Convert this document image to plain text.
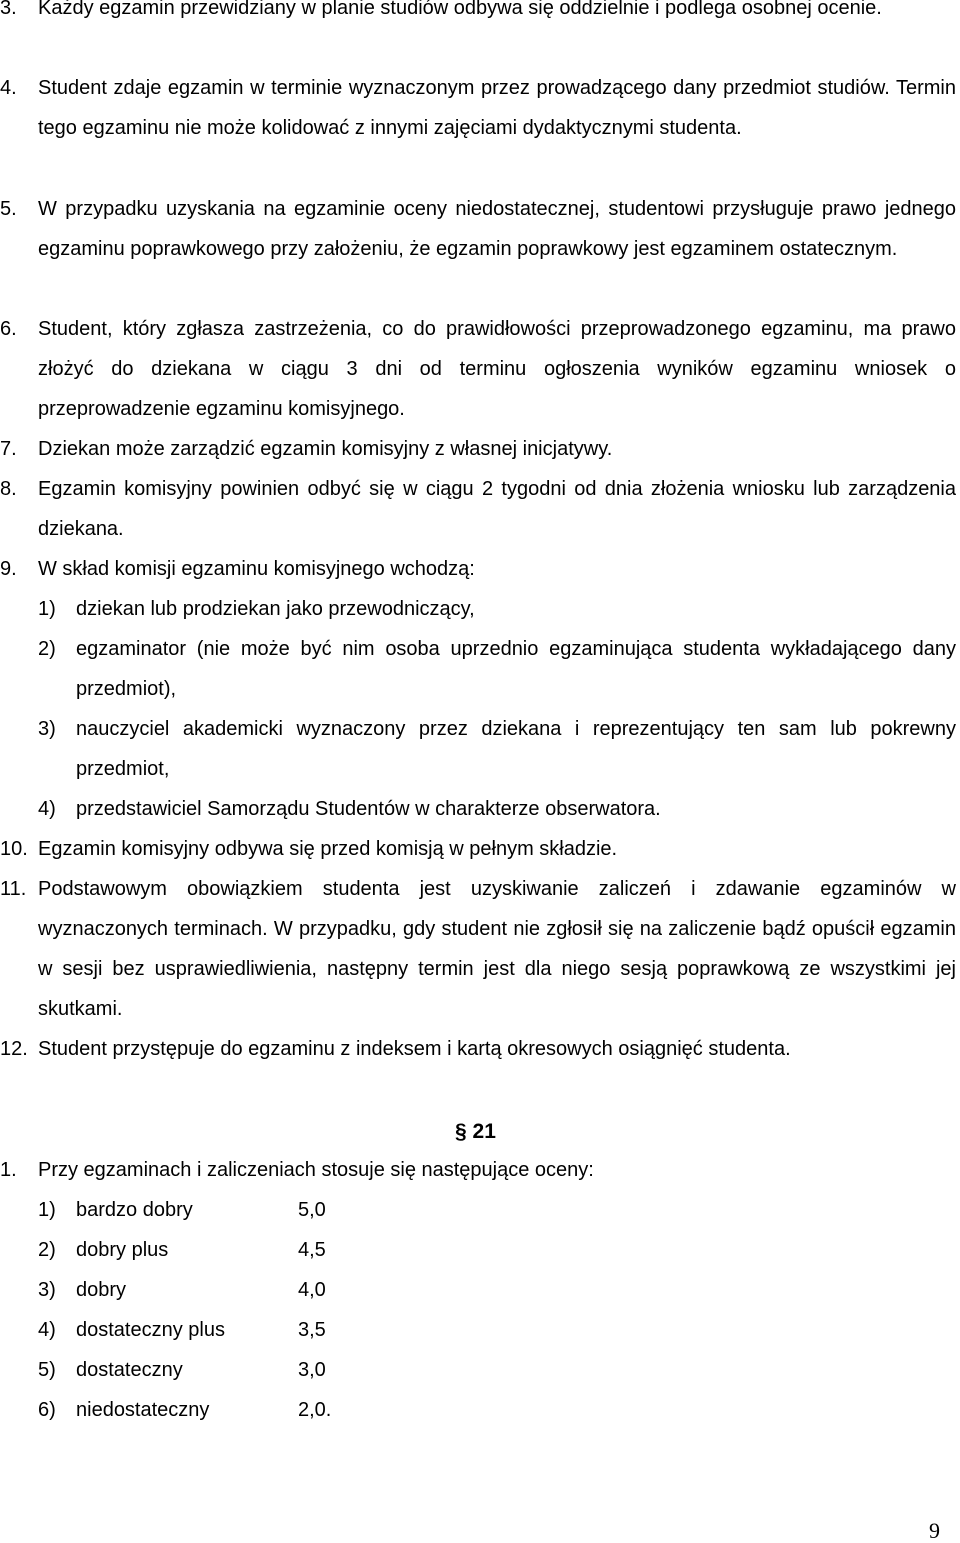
3. Każdy egzamin przewidziany w planie studiów odbywa się oddzielnie i podlega osobnej ocenie.
4. Student zdaje egzamin w terminie wyznaczonym przez prowadzącego dany przedmiot studiów. Termin tego egzaminu nie może kolidować z innymi zajęciami dydaktycznymi studenta.
5. W przypadku uzyskania na egzaminie oceny niedostatecznej, studentowi przysługuje prawo jednego egzaminu poprawkowego przy założeniu, że egzamin poprawkowy jest egzaminem ostatecznym.
6. Student, który zgłasza zastrzeżenia, co do prawidłowości przeprowadzonego egzaminu, ma prawo złożyć do dziekana w ciągu 3 dni od terminu ogłoszenia wyników egzaminu wniosek o przeprowadzenie egzaminu komisyjnego.
7. Dziekan może zarządzić egzamin komisyjny z własnej inicjatywy.
8. Egzamin komisyjny powinien odbyć się w ciągu 2 tygodni od dnia złożenia wniosku lub zarządzenia dziekana.
9. W skład komisji egzaminu komisyjnego wchodzą:
1) dziekan lub prodziekan jako przewodniczący,
2) egzaminator (nie może być nim osoba uprzednio egzaminująca studenta wykładającego dany przedmiot),
3) nauczyciel akademicki wyznaczony przez dziekana i reprezentujący ten sam lub pokrewny przedmiot,
4) przedstawiciel Samorządu Studentów w charakterze obserwatora.
10. Egzamin komisyjny odbywa się przed komisją w pełnym składzie.
11. Podstawowym obowiązkiem studenta jest uzyskiwanie zaliczeń i zdawanie egzaminów w wyznaczonych terminach. W przypadku, gdy student nie zgłosił się na zaliczenie bądź opuścił egzamin w sesji bez usprawiedliwienia, następny termin jest dla niego sesją poprawkową ze wszystkimi jej skutkami.
12. Student przystępuje do egzaminu z indeksem i kartą okresowych osiągnięć studenta.
§ 21
1. Przy egzaminach i zaliczeniach stosuje się następujące oceny:
1) bardzo dobry	5,0
2) dobry plus	4,5
3) dobry	4,0
4) dostateczny plus	3,5
5) dostateczny	3,0
6) niedostateczny	2,0.
9
